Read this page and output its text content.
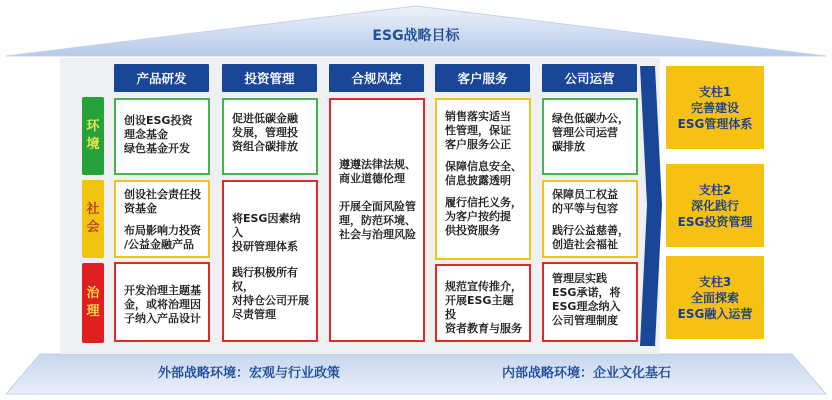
ESG战略目标
环
境
社
会
治
理
产品研发	投资管理	合规风控	客户服务	公司运营

创设ESG投资
理念基金
绿色基金开发

创设社会责任投
资基金

布局影响力投资
/公益金融产品

开发治理主题基
金，或将治理因
子纳入产品设计

促进低碳金融
发展，管理投
资组合碳排放

将ESG因素纳入
投研管理体系

践行积极所有权，
对持仓公司开展
尽责管理

遵遵法律法规、
商业道德伦理

开展全面风险管
理，防范环境、
社会与治理风险

销售落实适当
性管理，保证
客户服务公正

保障信息安全、
信息披露透明

履行信托义务，
为客户按约提
供投资服务

规范宣传推介，
开展ESG主题投
资者教育与服务

绿色低碳办公，
管理公司运营
碳排放

保障员工权益
的平等与包容

践行公益慈善，
创造社会福祉

管理层实践
ESG承诺，将
ESG理念纳入
公司管理制度

支柱1
完善建设
ESG管理体系
支柱2
深化践行
ESG投资管理
支柱3
全面探索
ESG融入运营
外部战略环境：宏观与行业政策	内部战略环境：企业文化基石
